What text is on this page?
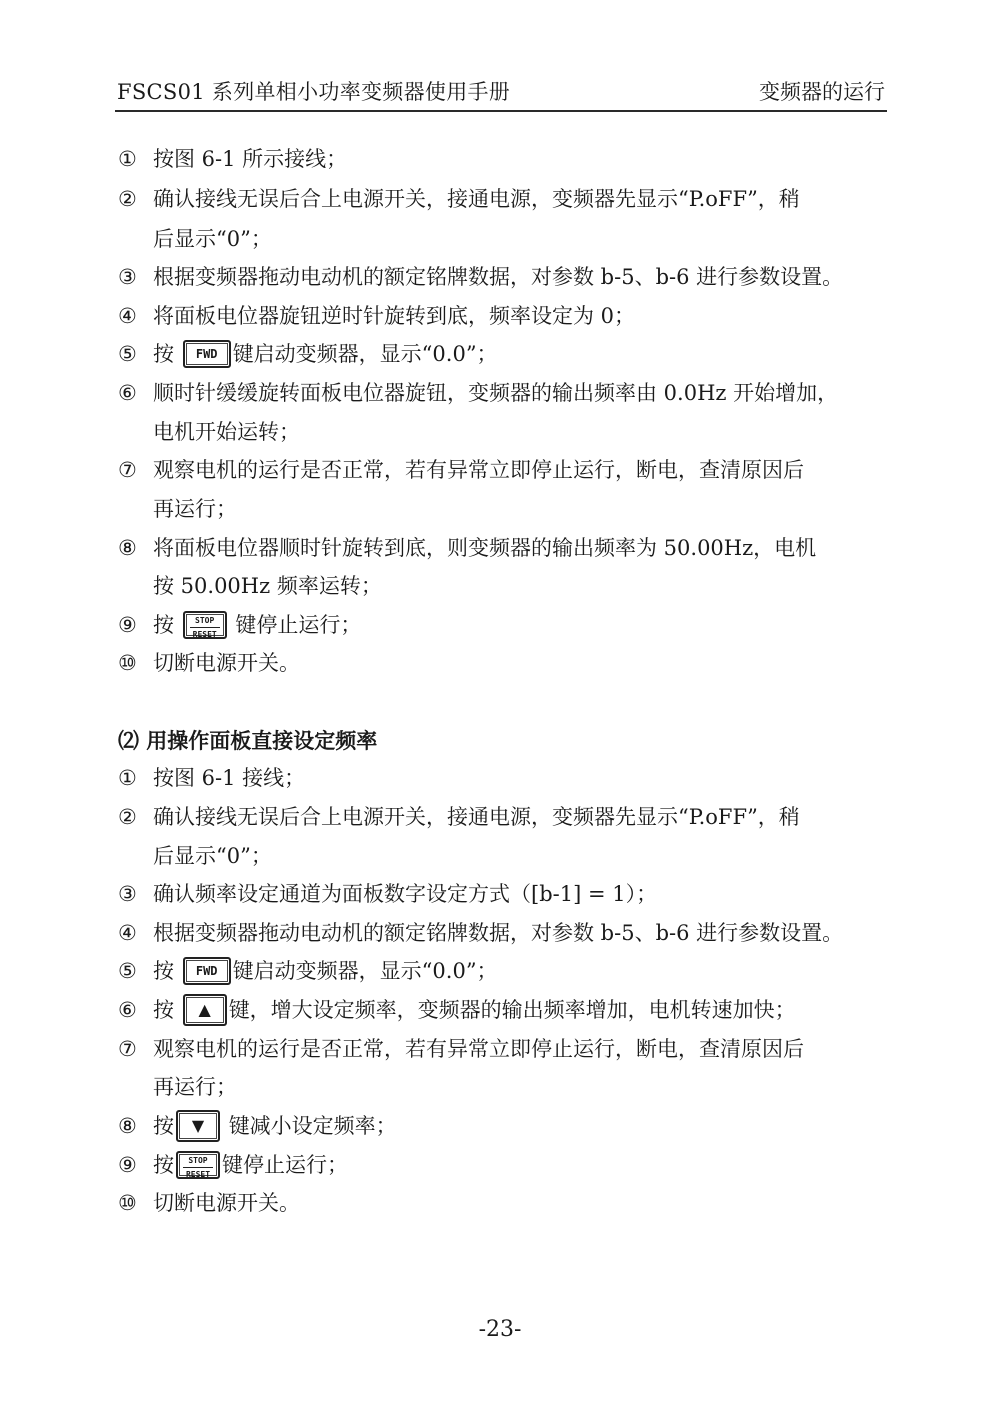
FSCS01 系列单相小功率变频器使用手册	变频器的运行
① 按图 6-1 所示接线；
② 确认接线无误后合上电源开关，接通电源，变频器先显示“P.oFF”，稍
后显示“0”；
③ 根据变频器拖动电动机的额定铭牌数据，对参数 b-5、b-6 进行参数设置。
④ 将面板电位器旋钮逆时针旋转到底，频率设定为 0；
⑤ 按 FWD 键启动变频器，显示“0.0”；
⑥ 顺时针缓缓旋转面板电位器旋钮，变频器的输出频率由 0.0Hz 开始增加，
电机开始运转；
⑦ 观察电机的运行是否正常，若有异常立即停止运行，断电，查清原因后
再运行；
⑧ 将面板电位器顺时针旋转到底，则变频器的输出频率为 50.00Hz，电机
按 50.00Hz 频率运转；
⑨ 按	STOP
RESET 键停止运行；
⑩ 切断电源开关。
⑵ 用操作面板直接设定频率
① 按图 6-1 接线；
② 确认接线无误后合上电源开关，接通电源，变频器先显示“P.oFF”，稍
后显示“0”；
③ 确认频率设定通道为面板数字设定方式（[b-1] = 1）；
④ 根据变频器拖动电动机的额定铭牌数据，对参数 b-5、b-6 进行参数设置。
⑤ 按 FWD 键启动变频器，显示“0.0”；
⑥ 按 ▲ 键，增大设定频率，变频器的输出频率增加，电机转速加快；
⑦ 观察电机的运行是否正常，若有异常立即停止运行，断电，查清原因后
再运行；
⑧ 按 ▼ 键减小设定频率；
⑨ 按 STOP
RESET 键停止运行；
⑩ 切断电源开关。
-23-
